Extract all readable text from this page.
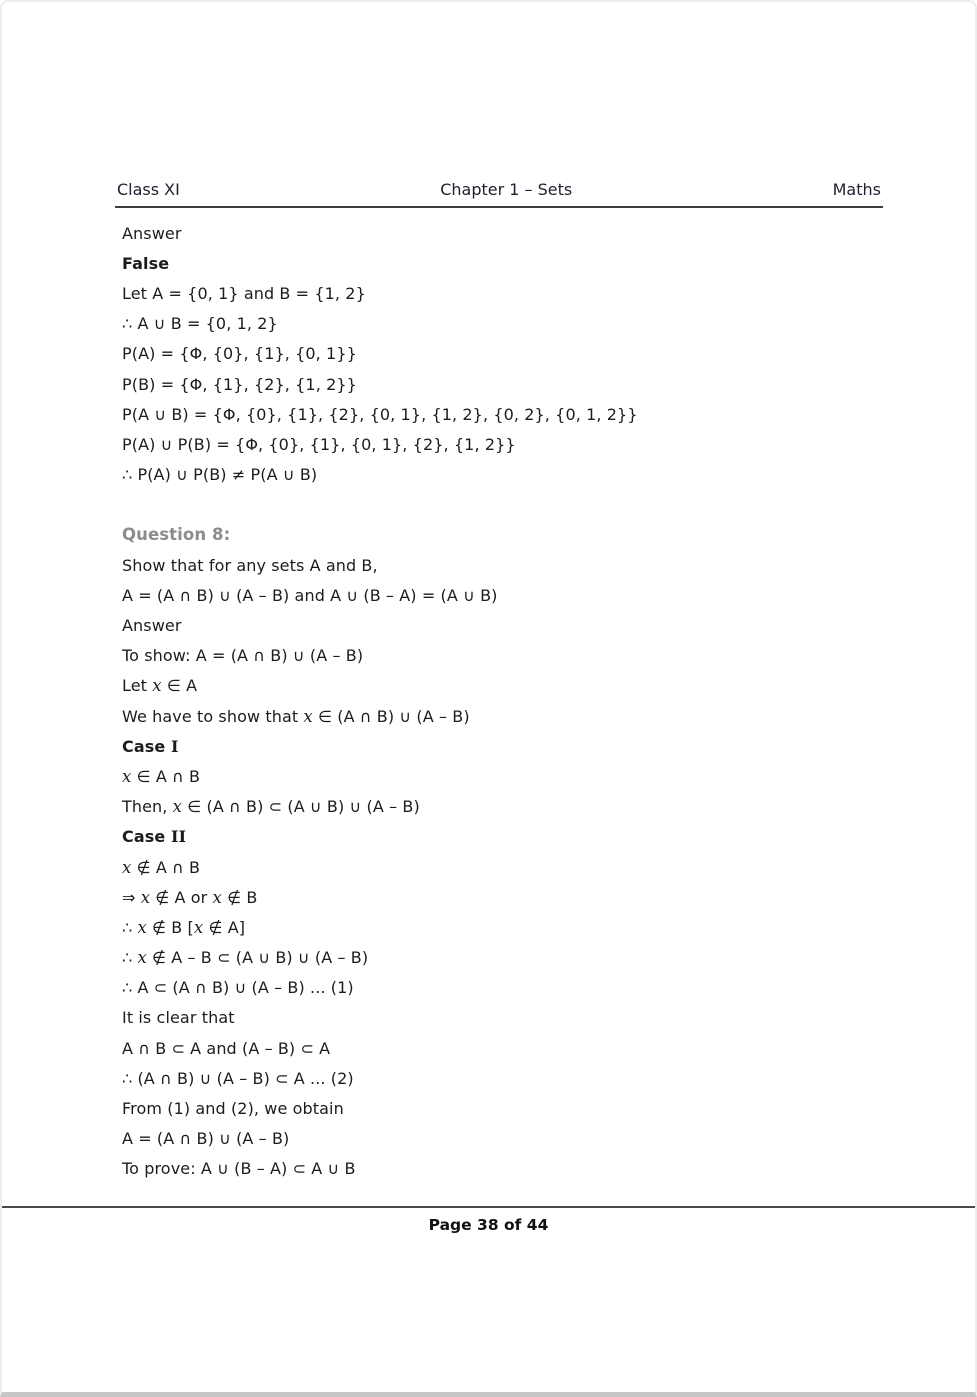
Class XI	Chapter 1 – Sets	Maths
Answer
False
Let A = {0, 1} and B = {1, 2}
∴ A ∪ B = {0, 1, 2}
P(A) = {Φ, {0}, {1}, {0, 1}}
P(B) = {Φ, {1}, {2}, {1, 2}}
P(A ∪ B) = {Φ, {0}, {1}, {2}, {0, 1}, {1, 2}, {0, 2}, {0, 1, 2}}
P(A) ∪ P(B) = {Φ, {0}, {1}, {0, 1}, {2}, {1, 2}}
∴ P(A) ∪ P(B) ≠ P(A ∪ B)
Question 8:
Show that for any sets A and B,
A = (A ∩ B) ∪ (A – B) and A ∪ (B – A) = (A ∪ B)
Answer
To show: A = (A ∩ B) ∪ (A – B)
Let x ∈ A
We have to show that x ∈ (A ∩ B) ∪ (A – B)
Case I
x ∈ A ∩ B
Then, x ∈ (A ∩ B) ⊂ (A ∪ B) ∪ (A – B)
Case II
x ∉ A ∩ B
⇒ x ∉ A or x ∉ B
∴ x ∉ B [ x ∉ A]
∴ x ∉ A – B ⊂ (A ∪ B) ∪ (A – B)
∴ A ⊂ (A ∩ B) ∪ (A – B) ... (1)
It is clear that
A ∩ B ⊂ A and (A – B) ⊂ A
∴ (A ∩ B) ∪ (A – B) ⊂ A ... (2)
From (1) and (2), we obtain
A = (A ∩ B) ∪ (A – B)
To prove: A ∪ (B – A) ⊂ A ∪ B
Page 38 of 44
